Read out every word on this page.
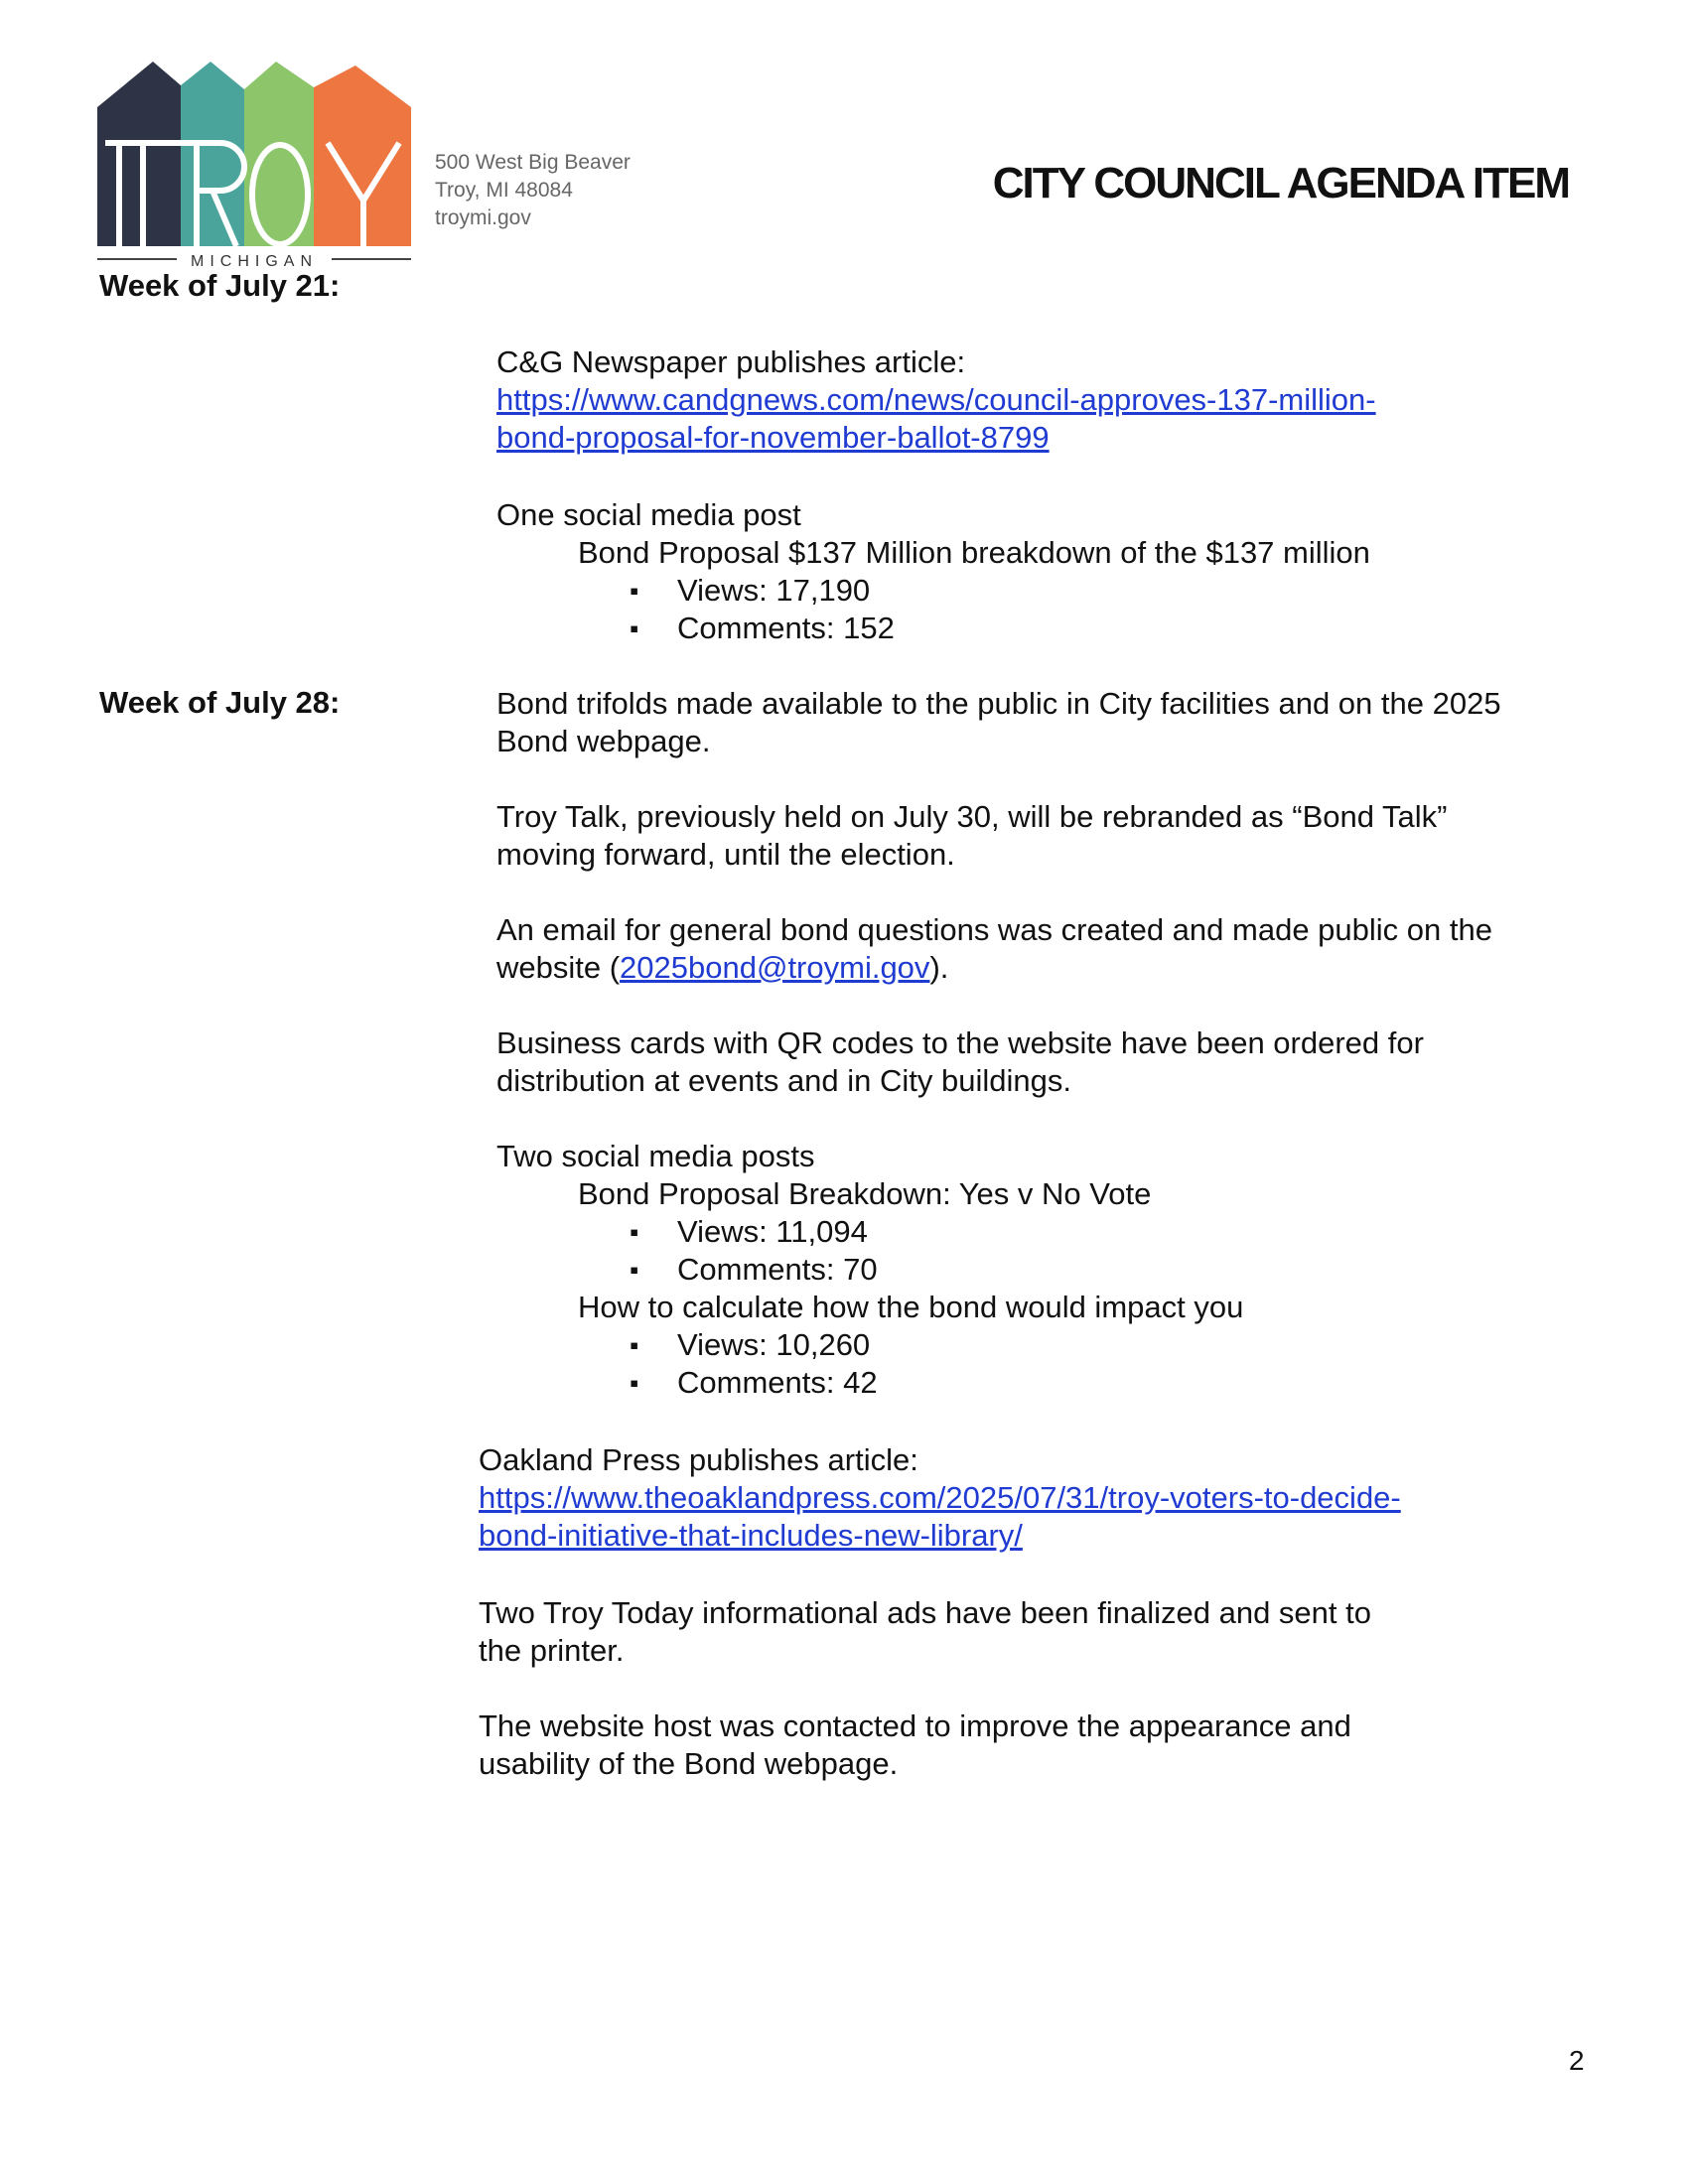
MICHIGAN
500 West Big Beaver
Troy, MI 48084
troymi.gov
CITY COUNCIL AGENDA ITEM
Week of July 21:
C&G Newspaper publishes article:
https://www.candgnews.com/news/council-approves-137-million-
bond-proposal-for-november-ballot-8799
One social media post
Bond Proposal $137 Million breakdown of the $137 million
▪ Views: 17,190
▪ Comments: 152
Week of July 28:	Bond trifolds made available to the public in City facilities and on the 2025
Bond webpage.
Troy Talk, previously held on July 30, will be rebranded as “Bond Talk”
moving forward, until the election.
An email for general bond questions was created and made public on the
website (2025bond@troymi.gov).
Business cards with QR codes to the website have been ordered for
distribution at events and in City buildings.
Two social media posts
Bond Proposal Breakdown: Yes v No Vote
▪ Views: 11,094
▪ Comments: 70
How to calculate how the bond would impact you
▪ Views: 10,260
▪ Comments: 42
Oakland Press publishes article:
https://www.theoaklandpress.com/2025/07/31/troy-voters-to-decide-
bond-initiative-that-includes-new-library/
Two Troy Today informational ads have been finalized and sent to
the printer.
The website host was contacted to improve the appearance and
usability of the Bond webpage.
2
